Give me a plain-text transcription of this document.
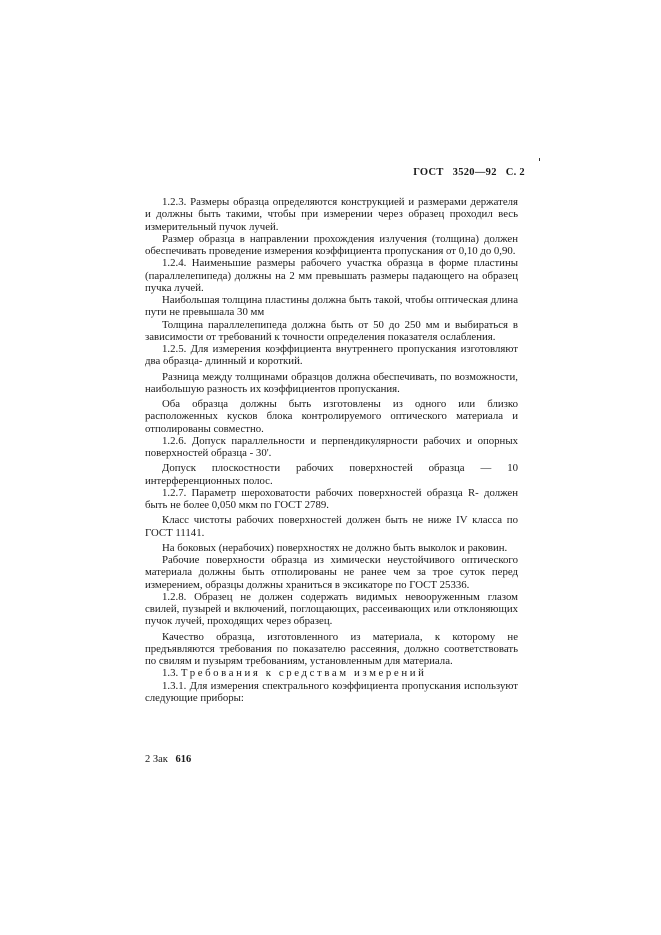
ГОСТ 3520—92 С. 2

1.2.3. Размеры образца определяются конструкцией и размерами держателя и должны быть такими, чтобы при измерении через образец проходил весь измерительный пучок лучей.

Размер образца в направлении прохождения излучения (толщина) должен обеспечивать проведение измерения коэффициента пропускания от 0,10 до 0,90.

1.2.4. Наименьшие размеры рабочего участка образца в форме пластины (параллелепипеда) должны на 2 мм превышать размеры падающего на образец пучка лучей.

Наибольшая толщина пластины должна быть такой, чтобы оптическая длина пути не превышала 30 мм

Толщина параллелепипеда должна быть от 50 до 250 мм и выбираться в зависимости от требований к точности определения показателя ослабления.

1.2.5. Для измерения коэффициента внутреннего пропускания изготовляют два образца- длинный и короткий.

Разница между толщинами образцов должна обеспечивать, по возможности, наибольшую разность их коэффициентов пропускания.

Оба образца должны быть изготовлены из одного или близко расположенных кусков блока контролируемого оптического материала и отполированы совместно.

1.2.6. Допуск параллельности и перпендикулярности рабочих и опорных поверхностей образца - 30'.

Допуск плоскостности рабочих поверхностей образца — 10 интерференционных полос.

1.2.7. Параметр шероховатости рабочих поверхностей образца R- должен быть не более 0,050 мкм по ГОСТ 2789.

Класс чистоты рабочих поверхностей должен быть не ниже IV класса по ГОСТ 11141.

На боковых (нерабочих) поверхностях не должно быть выколок и раковин.

Рабочие поверхности образца из химически неустойчивого оптического материала должны быть отполированы не ранее чем за трое суток перед измерением, образцы должны храниться в эксикаторе по ГОСТ 25336.

1.2.8. Образец не должен содержать видимых невооруженным глазом свилей, пузырей и включений, поглощающих, рассеивающих или отклоняющих пучок лучей, проходящих через образец.

Качество образца, изготовленного из материала, к которому не предъявляются требования по показателю рассеяния, должно соответствовать по свилям и пузырям требованиям, установленным для материала.

1.3. Требования к средствам измерений

1.3.1. Для измерения спектрального коэффициента пропускания используют следующие приборы:

2 Зак 616
